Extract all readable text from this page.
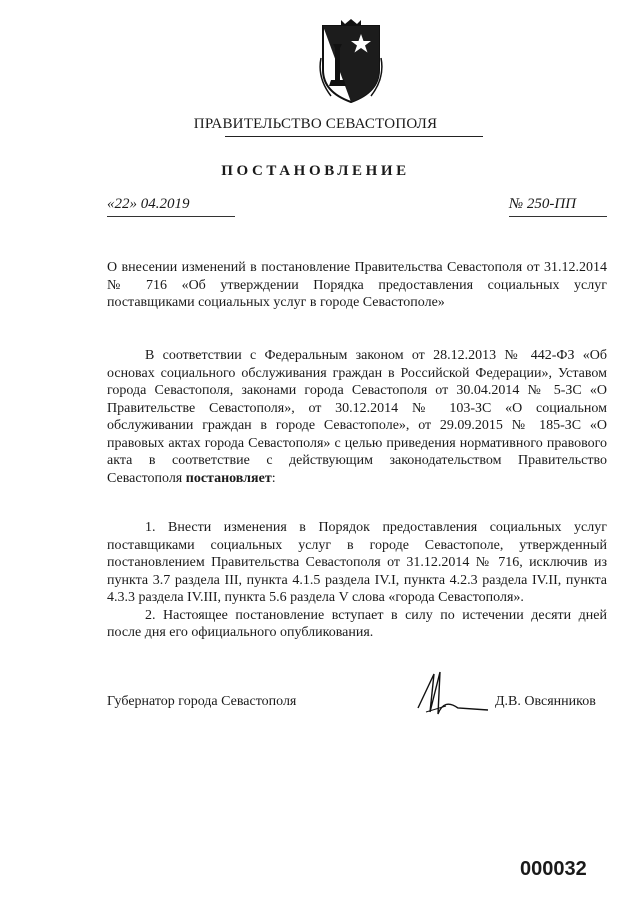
ПРАВИТЕЛЬСТВО СЕВАСТОПОЛЯ
ПОСТАНОВЛЕНИЕ
«22» 04.2019	№ 250-ПП
О внесении изменений в постановление Правительства Севастополя от 31.12.2014 № 716 «Об утверждении Порядка предоставления социальных услуг поставщиками социальных услуг в городе Севастополе»

В соответствии с Федеральным законом от 28.12.2013 № 442-ФЗ «Об основах социального обслуживания граждан в Российской Федерации», Уставом города Севастополя, законами города Севастополя от 30.04.2014 № 5-ЗС «О Правительстве Севастополя», от 30.12.2014 № 103-ЗС «О социальном обслуживании граждан в городе Севастополе», от 29.09.2015 № 185-ЗС «О правовых актах города Севастополя» с целью приведения нормативного правового акта в соответствие с действующим законодательством Правительство Севастополя постановляет:

1. Внести изменения в Порядок предоставления социальных услуг поставщиками социальных услуг в городе Севастополе, утвержденный постановлением Правительства Севастополя от 31.12.2014 № 716, исключив из пункта 3.7 раздела III, пункта 4.1.5 раздела IV.I, пункта 4.2.3 раздела IV.II, пункта 4.3.3 раздела IV.III, пункта 5.6 раздела V слова «города Севастополя».

2. Настоящее постановление вступает в силу по истечении десяти дней после дня его официального опубликования.

Губернатор города Севастополя	Д.В. Овсянников
000032
